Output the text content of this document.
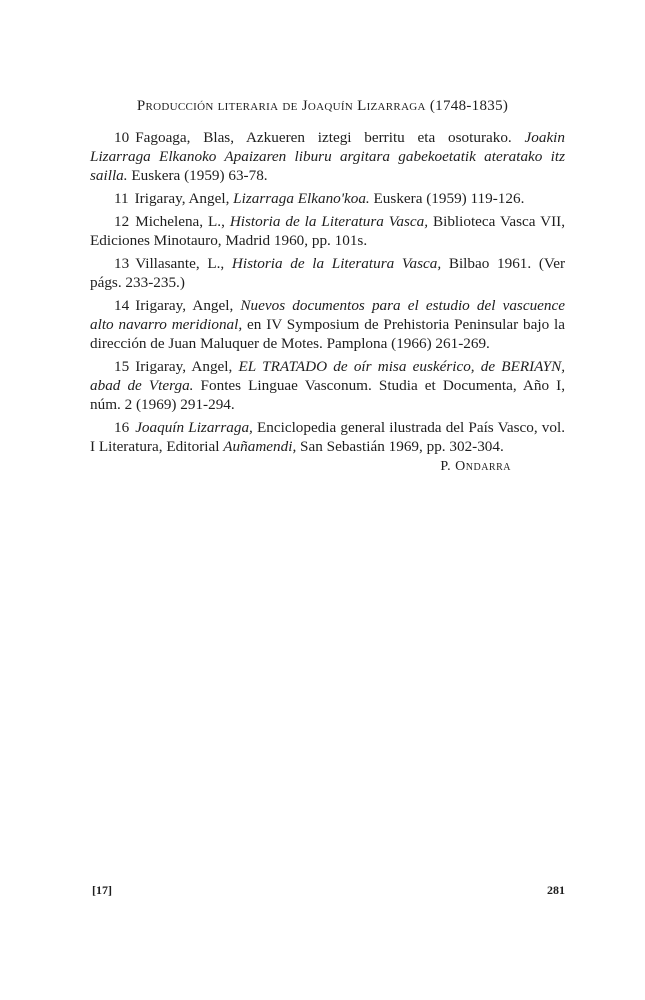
Producción literaria de Joaquín Lizarraga (1748-1835)

10 Fagoaga, Blas, Azkueren iztegi berritu eta osoturako. Joakin Lizarraga Elkanoko Apaizaren liburu argitara gabekoetatik ateratako itz sailla. Euskera (1959) 63-78.

11 Irigaray, Angel, Lizarraga Elkano'koa. Euskera (1959) 119-126.

12 Michelena, L., Historia de la Literatura Vasca, Biblioteca Vasca VII, Ediciones Minotauro, Madrid 1960, pp. 101s.

13 Villasante, L., Historia de la Literatura Vasca, Bilbao 1961. (Ver págs. 233-235.)

14 Irigaray, Angel, Nuevos documentos para el estudio del vascuence alto navarro meridional, en IV Symposium de Prehistoria Peninsular bajo la dirección de Juan Maluquer de Motes. Pamplona (1966) 261-269.

15 Irigaray, Angel, EL TRATADO de oír misa euskérico, de BERIAYN, abad de Vterga. Fontes Linguae Vasconum. Studia et Documenta, Año I, núm. 2 (1969) 291-294.

16 Joaquín Lizarraga, Enciclopedia general ilustrada del País Vasco, vol. I Literatura, Editorial Auñamendi, San Sebastián 1969, pp. 302-304.

P. Ondarra
[17]	281
